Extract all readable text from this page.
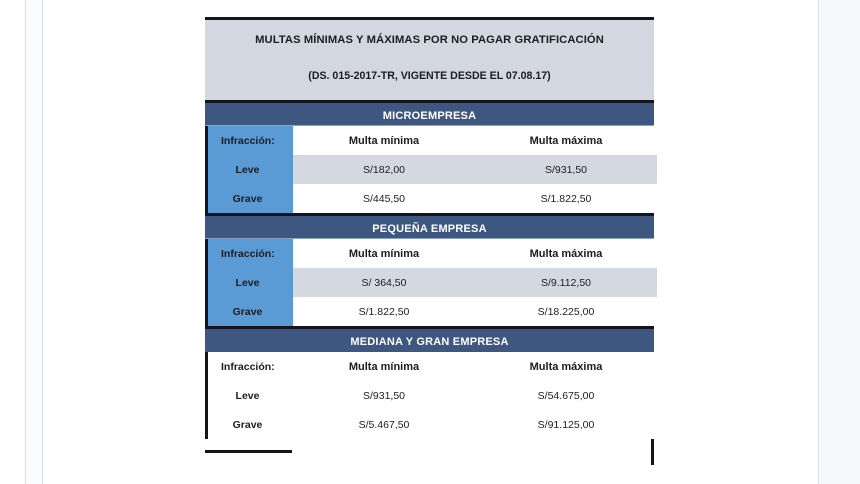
MULTAS MÍNIMAS Y MÁXIMAS POR NO PAGAR GRATIFICACIÓN
(DS. 015-2017-TR, VIGENTE DESDE EL 07.08.17)
MICROEMPRESA
Infracción:	Multa mínima	Multa máxima
Leve	S/182,00	S/931,50
Grave	S/445,50	S/1.822,50
PEQUEÑA EMPRESA
Infracción:	Multa mínima	Multa máxima
Leve	S/ 364,50	S/9.112,50
Grave	S/1.822,50	S/18.225,00
MEDIANA Y GRAN EMPRESA
Infracción:	Multa mínima	Multa máxima
Leve	S/931,50	S/54.675,00
Grave	S/5.467,50	S/91.125,00
